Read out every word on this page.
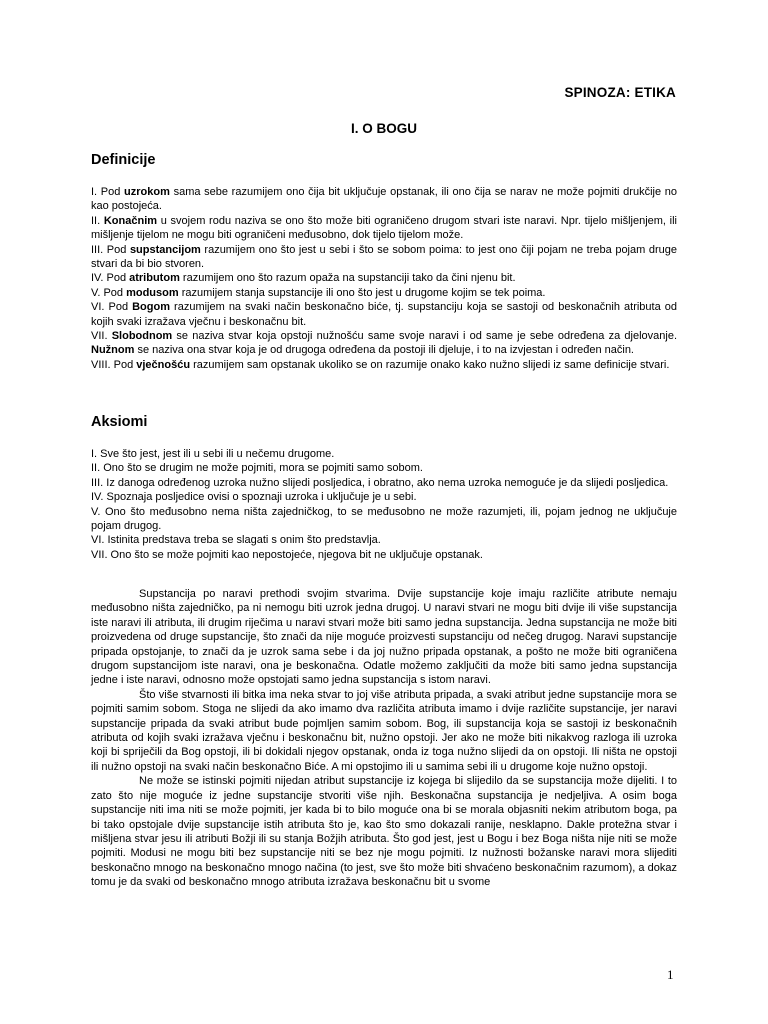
SPINOZA: ETIKA
I. O BOGU
Definicije

I. Pod uzrokom sama sebe razumijem ono čija bit uključuje opstanak, ili ono čija se narav ne može pojmiti drukčije no kao postojeća.

II. Konačnim u svojem rodu naziva se ono što može biti ograničeno drugom stvari iste naravi. Npr. tijelo mišljenjem, ili mišljenje tijelom ne mogu biti ograničeni međusobno, dok tijelo tijelom može.

III. Pod supstancijom razumijem ono što jest u sebi i što se sobom poima: to jest ono čiji pojam ne treba pojam druge stvari da bi bio stvoren.

IV. Pod atributom razumijem ono što razum opaža na supstanciji tako da čini njenu bit.

V. Pod modusom razumijem stanja supstancije ili ono što jest u drugome kojim se tek poima.

VI. Pod Bogom razumijem na svaki način beskonačno biće, tj. supstanciju koja se sastoji od beskonačnih atributa od kojih svaki izražava vječnu i beskonačnu bit.

VII. Slobodnom se naziva stvar koja opstoji nužnošću same svoje naravi i od same je sebe određena za djelovanje. Nužnom se naziva ona stvar koja je od drugoga određena da postoji ili djeluje, i to na izvjestan i određen način.

VIII. Pod vječnošću razumijem sam opstanak ukoliko se on razumije onako kako nužno slijedi iz same definicije stvari.

Aksiomi

I. Sve što jest, jest ili u sebi ili u nečemu drugome.

II. Ono što se drugim ne može pojmiti, mora se pojmiti samo sobom.

III. Iz danoga određenog uzroka nužno slijedi posljedica, i obratno, ako nema uzroka nemoguće je da slijedi posljedica.

IV. Spoznaja posljedice ovisi o spoznaji uzroka i uključuje je u sebi.

V. Ono što međusobno nema ništa zajedničkog, to se međusobno ne može razumjeti, ili, pojam jednog ne uključuje pojam drugog.

VI. Istinita predstava treba se slagati s onim što predstavlja.

VII. Ono što se može pojmiti kao nepostojeće, njegova bit ne uključuje opstanak.

Supstancija po naravi prethodi svojim stvarima. Dvije supstancije koje imaju različite atribute nemaju međusobno ništa zajedničko, pa ni nemogu biti uzrok jedna drugoj. U naravi stvari ne mogu biti dvije ili više supstancija iste naravi ili atributa, ili drugim riječima u naravi stvari može biti samo jedna supstancija. Jedna supstancija ne može biti proizvedena od druge supstancije, što znači da nije moguće proizvesti supstanciju od nečeg drugog. Naravi supstancije pripada opstojanje, to znači da je uzrok sama sebe i da joj nužno pripada opstanak, a pošto ne može biti ograničena drugom supstancijom iste naravi, ona je beskonačna. Odatle možemo zaključiti da može biti samo jedna supstancija jedne i iste naravi, odnosno može opstojati samo jedna supstancija s istom naravi.

Što više stvarnosti ili bitka ima neka stvar to joj više atributa pripada, a svaki atribut jedne supstancije mora se pojmiti samim sobom. Stoga ne slijedi da ako imamo dva različita atributa imamo i dvije različite supstancije, jer naravi supstancije pripada da svaki atribut bude pojmljen samim sobom. Bog, ili supstancija koja se sastoji iz beskonačnih atributa od kojih svaki izražava vječnu i beskonačnu bit, nužno opstoji. Jer ako ne može biti nikakvog razloga ili uzroka koji bi spriječili da Bog opstoji, ili bi dokidali njegov opstanak, onda iz toga nužno slijedi da on opstoji. Ili ništa ne opstoji ili nužno opstoji na svaki način beskonačno Biće. A mi opstojimo ili u samima sebi ili u drugome koje nužno opstoji.

Ne može se istinski pojmiti nijedan atribut supstancije iz kojega bi slijedilo da se supstancija može dijeliti. I to zato što nije moguće iz jedne supstancije stvoriti više njih. Beskonačna supstancija je nedjeljiva. A osim boga supstancije niti ima niti se može pojmiti, jer kada bi to bilo moguće ona bi se morala objasniti nekim atributom boga, pa bi tako opstojale dvije supstancije istih atributa što je, kao što smo dokazali ranije, nesklapno. Dakle protežna stvar i mišljena stvar jesu ili atributi Božji ili su stanja Božjih atributa. Što god jest, jest u Bogu i bez Boga ništa nije niti se može pojmiti. Modusi ne mogu biti bez supstancije niti se bez nje mogu pojmiti. Iz nužnosti božanske naravi mora slijediti beskonačno mnogo na beskonačno mnogo načina (to jest, sve što može biti shvaćeno beskonačnim razumom), a dokaz tomu je da svaki od beskonačno mnogo atributa izražava beskonačnu bit u svome

1
